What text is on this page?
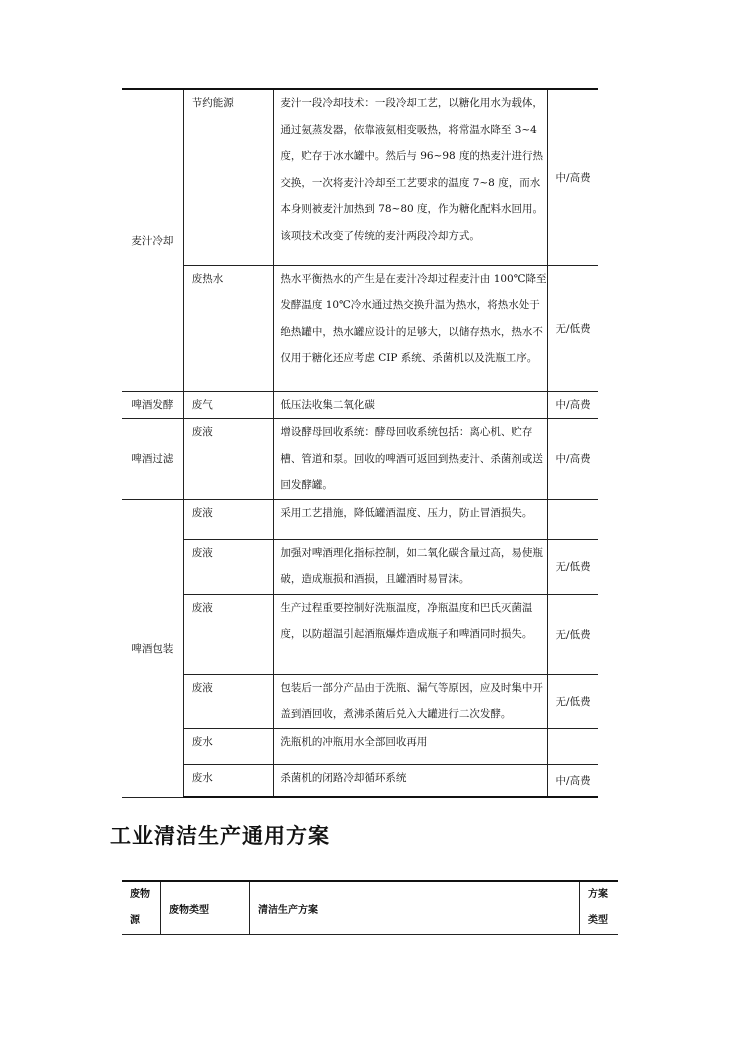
麦汁冷却	节约能源	麦汁一段冷却技术：一段冷却工艺，以糖化用水为载体，通过氨蒸发器，依靠液氨相变吸热，将常温水降至 3~4 度，贮存于冰水罐中。然后与 96~98 度的热麦汁进行热交换，一次将麦汁冷却至工艺要求的温度 7~8 度，而水本身则被麦汁加热到 78~80 度，作为糖化配料水回用。该项技术改变了传统的麦汁两段冷却方式。	中/高费

	废热水	热水平衡热水的产生是在麦汁冷却过程麦汁由 100℃降至发酵温度 10℃冷水通过热交换升温为热水，将热水处于绝热罐中，热水罐应设计的足够大，以储存热水，热水不仅用于糖化还应考虑 CIP 系统、杀菌机以及洗瓶工序。	无/低费

啤酒发酵	废气	低压法收集二氧化碳	中/高费

啤酒过滤	废液	增设酵母回收系统：酵母回收系统包括：离心机、贮存槽、管道和泵。回收的啤酒可返回到热麦汁、杀菌剂或送回发酵罐。	中/高费

啤酒包装	废液	采用工艺措施，降低罐酒温度、压力，防止冒酒损失。	

	废液	加强对啤酒理化指标控制，如二氧化碳含量过高，易使瓶破，造成瓶损和酒损，且罐酒时易冒沫。	无/低费

	废液	生产过程重要控制好洗瓶温度，净瓶温度和巴氏灭菌温度，以防超温引起酒瓶爆炸造成瓶子和啤酒同时损失。	无/低费

	废液	包装后一部分产品由于洗瓶、漏气等原因，应及时集中开盖到酒回收，煮沸杀菌后兑入大罐进行二次发酵。	无/低费

	废水	洗瓶机的冲瓶用水全部回收再用	

	废水	杀菌机的闭路冷却循环系统	中/高费
工业清洁生产通用方案
废物源	废物类型	清洁生产方案	方案类型
